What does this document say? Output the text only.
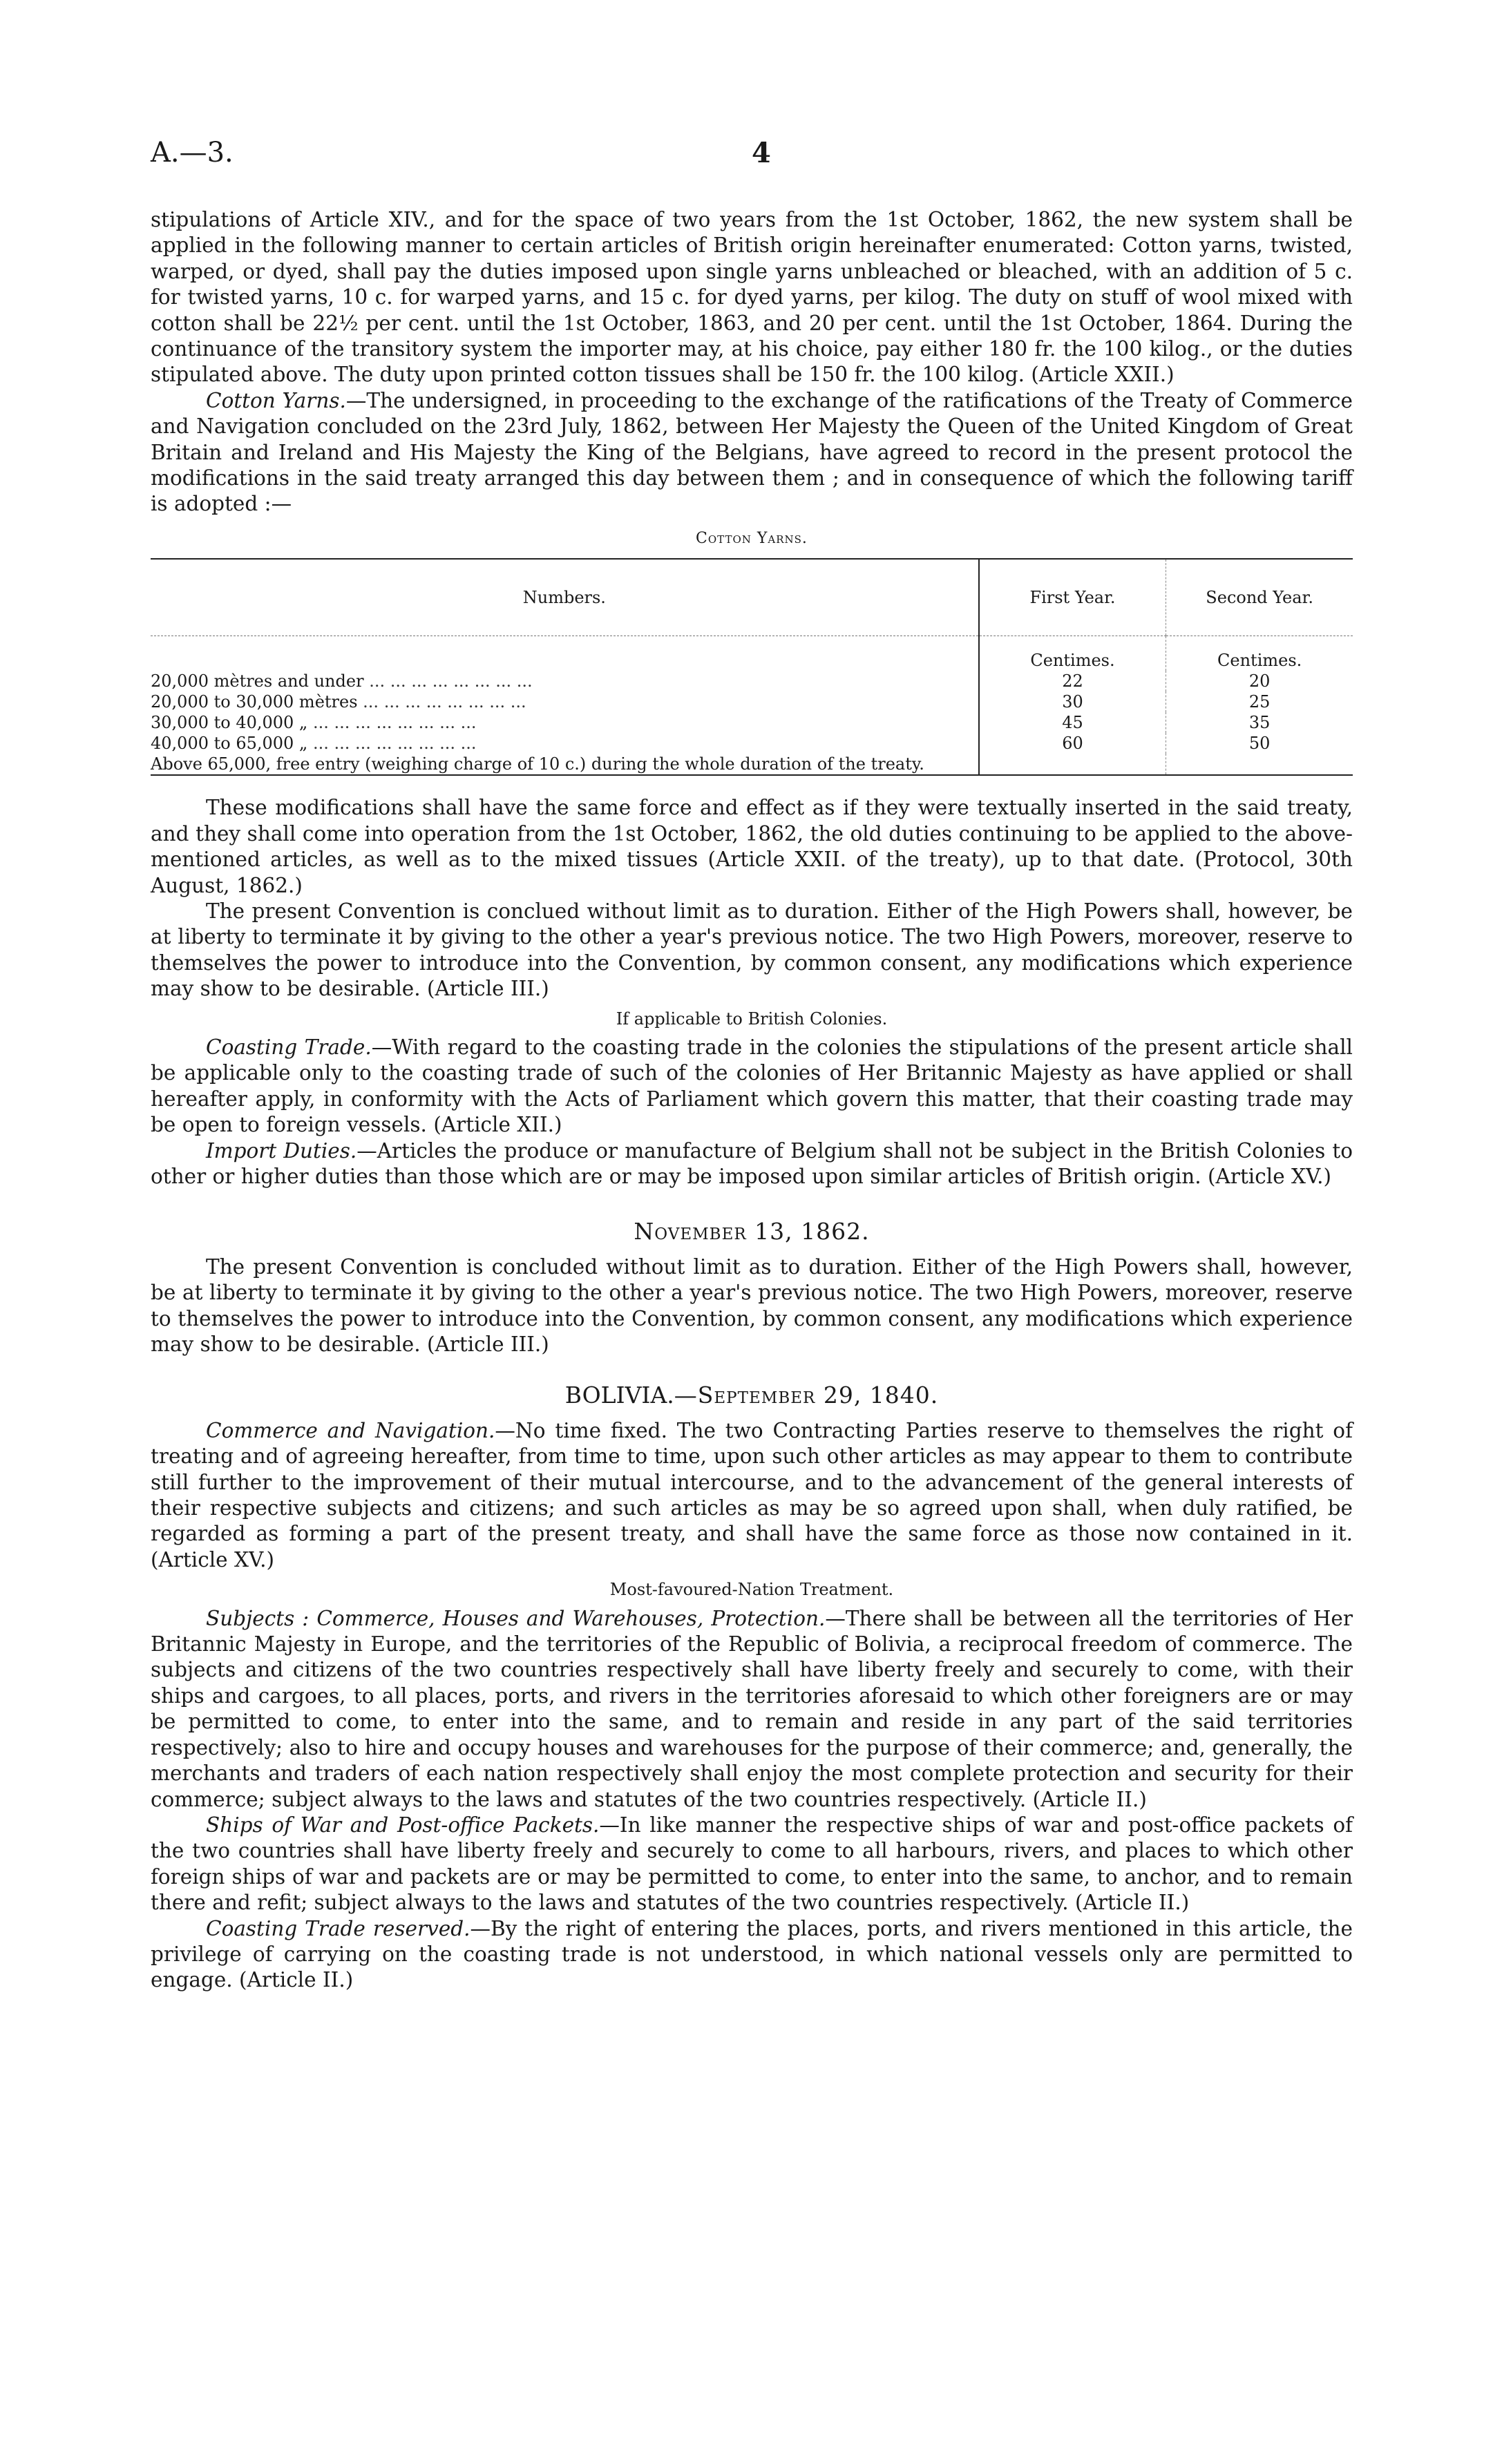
A.—3.	4

stipulations of Article XIV., and for the space of two years from the 1st October, 1862, the new system shall be applied in the following manner to certain articles of British origin hereinafter enumerated: Cotton yarns, twisted, warped, or dyed, shall pay the duties imposed upon single yarns unbleached or bleached, with an addition of 5 c. for twisted yarns, 10 c. for warped yarns, and 15 c. for dyed yarns, per kilog. The duty on stuff of wool mixed with cotton shall be 22½ per cent. until the 1st October, 1863, and 20 per cent. until the 1st October, 1864. During the continuance of the transitory system the importer may, at his choice, pay either 180 fr. the 100 kilog., or the duties stipulated above. The duty upon printed cotton tissues shall be 150 fr. the 100 kilog. (Article XXII.)

Cotton Yarns.—The undersigned, in proceeding to the exchange of the ratifications of the Treaty of Commerce and Navigation concluded on the 23rd July, 1862, between Her Majesty the Queen of the United Kingdom of Great Britain and Ireland and His Majesty the King of the Belgians, have agreed to record in the present protocol the modifications in the said treaty arranged this day between them ; and in consequence of which the following tariff is adopted :—

Cotton Yarns.
Numbers.	First Year.	Second Year.
	Centimes.	Centimes.
20,000 mètres and under ... ... ... ... ... ... ... ...	22	20
20,000 to 30,000 mètres ... ... ... ... ... ... ... ...	30	25
30,000 to 40,000 „ ... ... ... ... ... ... ... ...	45	35
40,000 to 65,000 „ ... ... ... ... ... ... ... ...	60	50

Above 65,000, free entry (weighing charge of 10 c.) during the whole duration of the treaty.		

These modifications shall have the same force and effect as if they were textually inserted in the said treaty, and they shall come into operation from the 1st October, 1862, the old duties continuing to be applied to the above-mentioned articles, as well as to the mixed tissues (Article XXII. of the treaty), up to that date. (Protocol, 30th August, 1862.)

The present Convention is conclued without limit as to duration. Either of the High Powers shall, however, be at liberty to terminate it by giving to the other a year's previous notice. The two High Powers, moreover, reserve to themselves the power to introduce into the Convention, by common consent, any modifications which experience may show to be desirable. (Article III.)

If applicable to British Colonies.

Coasting Trade.—With regard to the coasting trade in the colonies the stipulations of the present article shall be applicable only to the coasting trade of such of the colonies of Her Britannic Majesty as have applied or shall hereafter apply, in conformity with the Acts of Parliament which govern this matter, that their coasting trade may be open to foreign vessels. (Article XII.)

Import Duties.—Articles the produce or manufacture of Belgium shall not be subject in the British Colonies to other or higher duties than those which are or may be imposed upon similar articles of British origin. (Article XV.)

November 13, 1862.

The present Convention is concluded without limit as to duration. Either of the High Powers shall, however, be at liberty to terminate it by giving to the other a year's previous notice. The two High Powers, moreover, reserve to themselves the power to introduce into the Convention, by common consent, any modifications which experience may show to be desirable. (Article III.)

BOLIVIA.—September 29, 1840.

Commerce and Navigation.—No time fixed. The two Contracting Parties reserve to themselves the right of treating and of agreeing hereafter, from time to time, upon such other articles as may appear to them to contribute still further to the improvement of their mutual intercourse, and to the advancement of the general interests of their respective subjects and citizens; and such articles as may be so agreed upon shall, when duly ratified, be regarded as forming a part of the present treaty, and shall have the same force as those now contained in it. (Article XV.)

Most-favoured-Nation Treatment.

Subjects : Commerce, Houses and Warehouses, Protection.—There shall be between all the territories of Her Britannic Majesty in Europe, and the territories of the Republic of Bolivia, a reciprocal freedom of commerce. The subjects and citizens of the two countries respectively shall have liberty freely and securely to come, with their ships and cargoes, to all places, ports, and rivers in the territories aforesaid to which other foreigners are or may be permitted to come, to enter into the same, and to remain and reside in any part of the said territories respectively; also to hire and occupy houses and warehouses for the purpose of their commerce; and, generally, the merchants and traders of each nation respectively shall enjoy the most complete protection and security for their commerce; subject always to the laws and statutes of the two countries respectively. (Article II.)

Ships of War and Post-office Packets.—In like manner the respective ships of war and post-office packets of the two countries shall have liberty freely and securely to come to all harbours, rivers, and places to which other foreign ships of war and packets are or may be permitted to come, to enter into the same, to anchor, and to remain there and refit; subject always to the laws and statutes of the two countries respectively. (Article II.)

Coasting Trade reserved.—By the right of entering the places, ports, and rivers mentioned in this article, the privilege of carrying on the coasting trade is not understood, in which national vessels only are permitted to engage. (Article II.)
